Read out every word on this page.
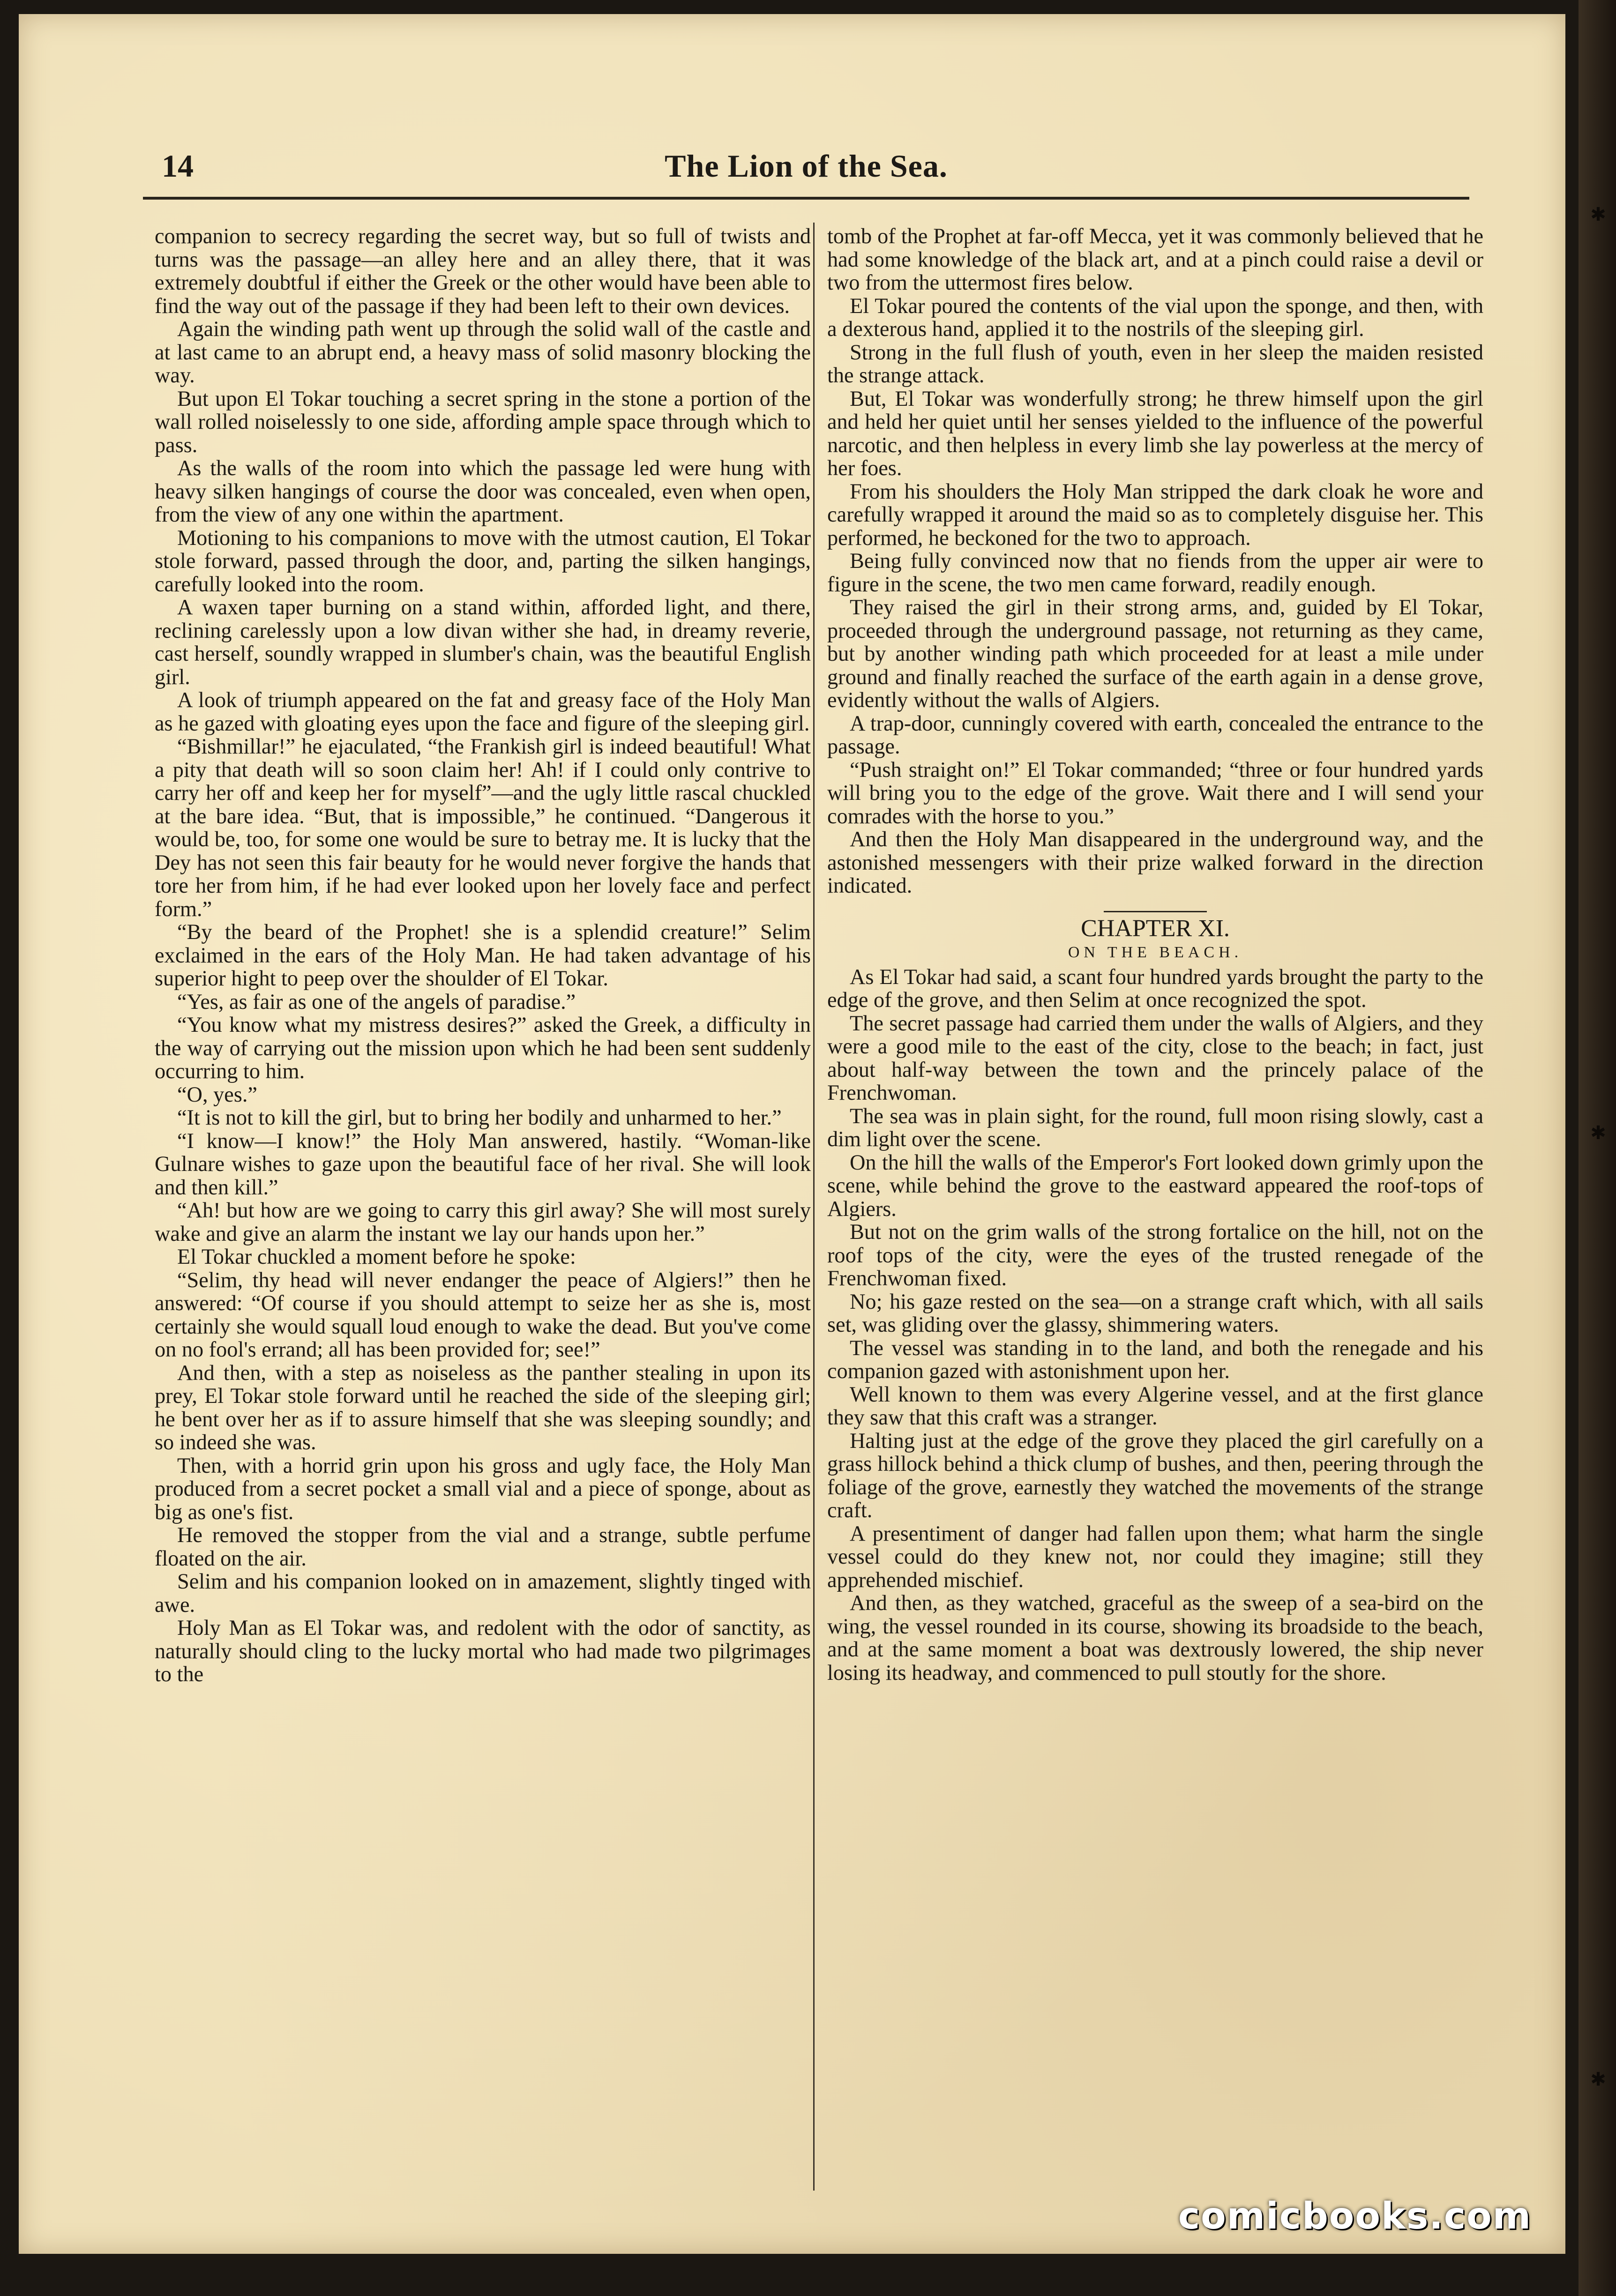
✱
✱
✱
14	The Lion of the Sea.

companion to secrecy regarding the secret way, but so full of twists and turns was the passage—an alley here and an alley there, that it was extremely doubtful if either the Greek or the other would have been able to find the way out of the passage if they had been left to their own devices.

Again the winding path went up through the solid wall of the castle and at last came to an abrupt end, a heavy mass of solid masonry blocking the way.

But upon El Tokar touching a secret spring in the stone a portion of the wall rolled noiselessly to one side, affording ample space through which to pass.

As the walls of the room into which the passage led were hung with heavy silken hangings of course the door was concealed, even when open, from the view of any one within the apartment.

Motioning to his companions to move with the utmost caution, El Tokar stole forward, passed through the door, and, parting the silken hangings, carefully looked into the room.

A waxen taper burning on a stand within, afforded light, and there, reclining carelessly upon a low divan wither she had, in dreamy reverie, cast herself, soundly wrapped in slumber's chain, was the beautiful English girl.

A look of triumph appeared on the fat and greasy face of the Holy Man as he gazed with gloating eyes upon the face and figure of the sleeping girl.

“Bishmillar!” he ejaculated, “the Frankish girl is indeed beautiful! What a pity that death will so soon claim her! Ah! if I could only contrive to carry her off and keep her for myself”—and the ugly little rascal chuckled at the bare idea. “But, that is impossible,” he continued. “Dangerous it would be, too, for some one would be sure to betray me. It is lucky that the Dey has not seen this fair beauty for he would never forgive the hands that tore her from him, if he had ever looked upon her lovely face and perfect form.”

“By the beard of the Prophet! she is a splendid creature!” Selim exclaimed in the ears of the Holy Man. He had taken advantage of his superior hight to peep over the shoulder of El Tokar.

“Yes, as fair as one of the angels of paradise.”

“You know what my mistress desires?” asked the Greek, a difficulty in the way of carrying out the mission upon which he had been sent suddenly occurring to him.

“O, yes.”

“It is not to kill the girl, but to bring her bodily and unharmed to her.”

“I know—I know!” the Holy Man answered, hastily. “Woman-like Gulnare wishes to gaze upon the beautiful face of her rival. She will look and then kill.”

“Ah! but how are we going to carry this girl away? She will most surely wake and give an alarm the instant we lay our hands upon her.”

El Tokar chuckled a moment before he spoke:

“Selim, thy head will never endanger the peace of Algiers!” then he answered: “Of course if you should attempt to seize her as she is, most certainly she would squall loud enough to wake the dead. But you've come on no fool's errand; all has been provided for; see!”

And then, with a step as noiseless as the panther stealing in upon its prey, El Tokar stole forward until he reached the side of the sleeping girl; he bent over her as if to assure himself that she was sleeping soundly; and so indeed she was.

Then, with a horrid grin upon his gross and ugly face, the Holy Man produced from a secret pocket a small vial and a piece of sponge, about as big as one's fist.

He removed the stopper from the vial and a strange, subtle perfume floated on the air.

Selim and his companion looked on in amazement, slightly tinged with awe.

Holy Man as El Tokar was, and redolent with the odor of sanctity, as naturally should cling to the lucky mortal who had made two pilgrimages to the

tomb of the Prophet at far-off Mecca, yet it was commonly believed that he had some knowledge of the black art, and at a pinch could raise a devil or two from the uttermost fires below.

El Tokar poured the contents of the vial upon the sponge, and then, with a dexterous hand, applied it to the nostrils of the sleeping girl.

Strong in the full flush of youth, even in her sleep the maiden resisted the strange attack.

But, El Tokar was wonderfully strong; he threw himself upon the girl and held her quiet until her senses yielded to the influence of the powerful narcotic, and then helpless in every limb she lay powerless at the mercy of her foes.

From his shoulders the Holy Man stripped the dark cloak he wore and carefully wrapped it around the maid so as to completely disguise her. This performed, he beckoned for the two to approach.

Being fully convinced now that no fiends from the upper air were to figure in the scene, the two men came forward, readily enough.

They raised the girl in their strong arms, and, guided by El Tokar, proceeded through the underground passage, not returning as they came, but by another winding path which proceeded for at least a mile under ground and finally reached the surface of the earth again in a dense grove, evidently without the walls of Algiers.

A trap-door, cunningly covered with earth, concealed the entrance to the passage.

“Push straight on!” El Tokar commanded; “three or four hundred yards will bring you to the edge of the grove. Wait there and I will send your comrades with the horse to you.”

And then the Holy Man disappeared in the underground way, and the astonished messengers with their prize walked forward in the direction indicated.

CHAPTER XI.
ON THE BEACH.

As El Tokar had said, a scant four hundred yards brought the party to the edge of the grove, and then Selim at once recognized the spot.

The secret passage had carried them under the walls of Algiers, and they were a good mile to the east of the city, close to the beach; in fact, just about half-way between the town and the princely palace of the Frenchwoman.

The sea was in plain sight, for the round, full moon rising slowly, cast a dim light over the scene.

On the hill the walls of the Emperor's Fort looked down grimly upon the scene, while behind the grove to the eastward appeared the roof-tops of Algiers.

But not on the grim walls of the strong fortalice on the hill, not on the roof tops of the city, were the eyes of the trusted renegade of the Frenchwoman fixed.

No; his gaze rested on the sea—on a strange craft which, with all sails set, was gliding over the glassy, shimmering waters.

The vessel was standing in to the land, and both the renegade and his companion gazed with astonishment upon her.

Well known to them was every Algerine vessel, and at the first glance they saw that this craft was a stranger.

Halting just at the edge of the grove they placed the girl carefully on a grass hillock behind a thick clump of bushes, and then, peering through the foliage of the grove, earnestly they watched the movements of the strange craft.

A presentiment of danger had fallen upon them; what harm the single vessel could do they knew not, nor could they imagine; still they apprehended mischief.

And then, as they watched, graceful as the sweep of a sea-bird on the wing, the vessel rounded in its course, showing its broadside to the beach, and at the same moment a boat was dextrously lowered, the ship never losing its headway, and commenced to pull stoutly for the shore.

comicbooks.com
